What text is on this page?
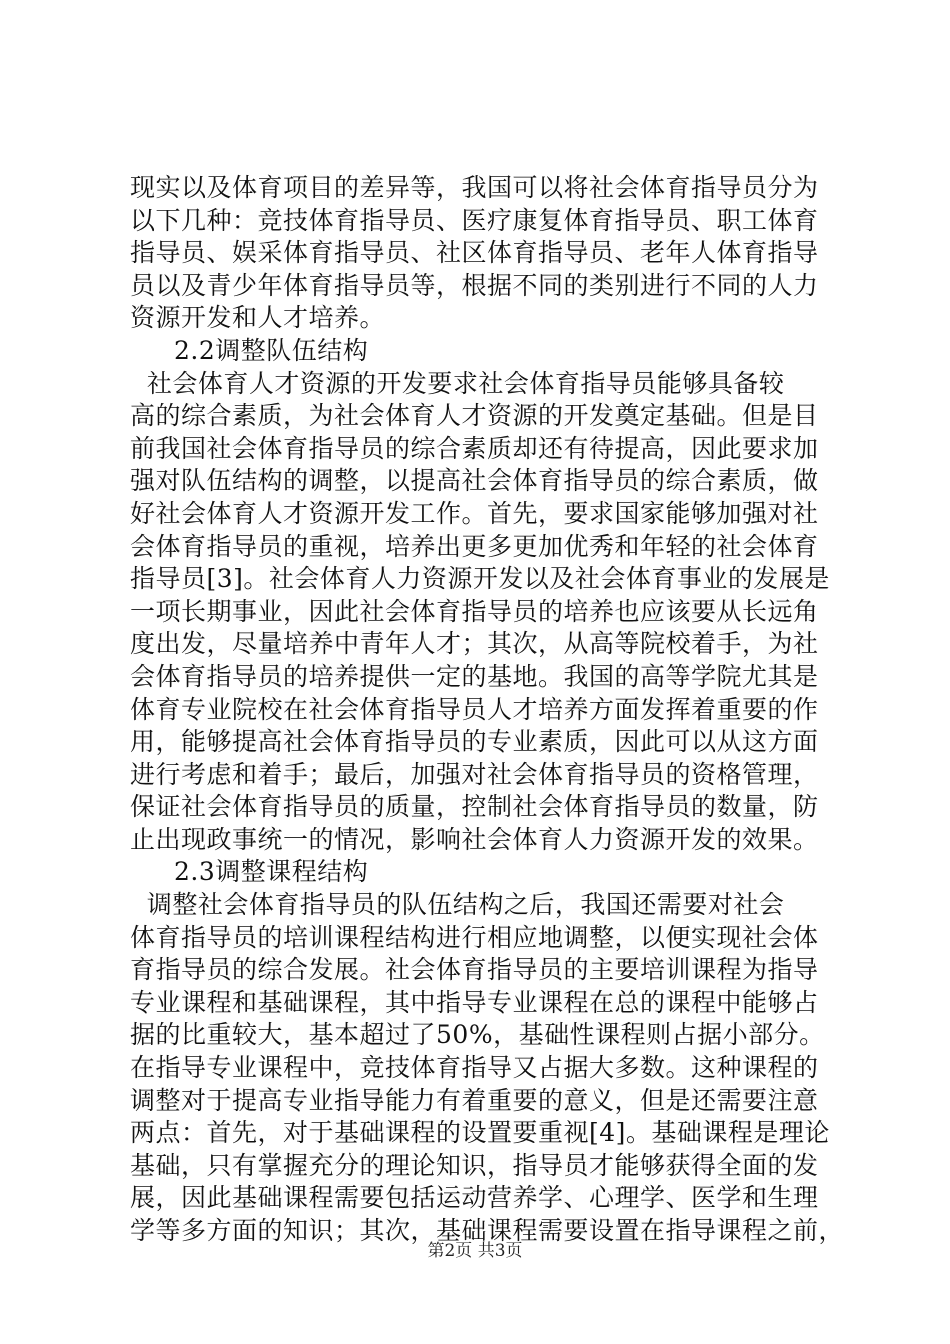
现实以及体育项目的差异等，我国可以将社会体育指导员分为
以下几种：竞技体育指导员、医疗康复体育指导员、职工体育
指导员、娱采体育指导员、社区体育指导员、老年人体育指导
员以及青少年体育指导员等，根据不同的类别进行不同的人力
资源开发和人才培养。
2.2调整队伍结构
社会体育人才资源的开发要求社会体育指导员能够具备较
高的综合素质，为社会体育人才资源的开发奠定基础。但是目
前我国社会体育指导员的综合素质却还有待提高，因此要求加
强对队伍结构的调整，以提高社会体育指导员的综合素质，做
好社会体育人才资源开发工作。首先，要求国家能够加强对社
会体育指导员的重视，培养出更多更加优秀和年轻的社会体育
指导员[3]。社会体育人力资源开发以及社会体育事业的发展是
一项长期事业，因此社会体育指导员的培养也应该要从长远角
度出发，尽量培养中青年人才；其次，从高等院校着手，为社
会体育指导员的培养提供一定的基地。我国的高等学院尤其是
体育专业院校在社会体育指导员人才培养方面发挥着重要的作
用，能够提高社会体育指导员的专业素质，因此可以从这方面
进行考虑和着手；最后，加强对社会体育指导员的资格管理，
保证社会体育指导员的质量，控制社会体育指导员的数量，防
止出现政事统一的情况，影响社会体育人力资源开发的效果。
2.3调整课程结构
调整社会体育指导员的队伍结构之后，我国还需要对社会
体育指导员的培训课程结构进行相应地调整，以便实现社会体
育指导员的综合发展。社会体育指导员的主要培训课程为指导
专业课程和基础课程，其中指导专业课程在总的课程中能够占
据的比重较大，基本超过了50%，基础性课程则占据小部分。
在指导专业课程中，竞技体育指导又占据大多数。这种课程的
调整对于提高专业指导能力有着重要的意义，但是还需要注意
两点：首先，对于基础课程的设置要重视[4]。基础课程是理论
基础，只有掌握充分的理论知识，指导员才能够获得全面的发
展，因此基础课程需要包括运动营养学、心理学、医学和生理
学等多方面的知识；其次，基础课程需要设置在指导课程之前，
第2页 共3页
